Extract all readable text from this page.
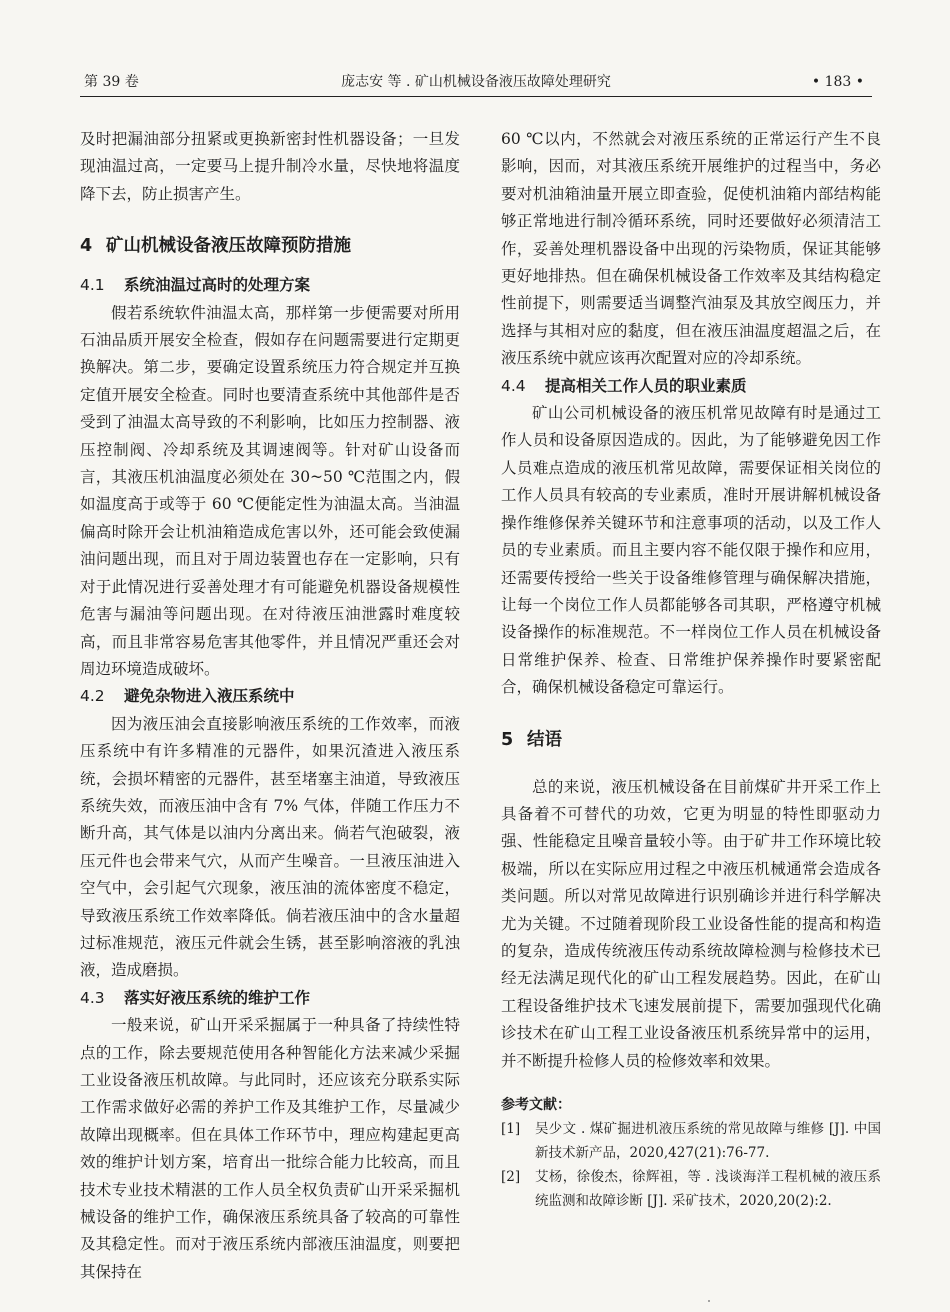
第 39 卷	庞志安 等 . 矿山机械设备液压故障处理研究	• 183 •

及时把漏油部分扭紧或更换新密封性机器设备；一旦发现油温过高，一定要马上提升制冷水量，尽快地将温度降下去，防止损害产生。

4 矿山机械设备液压故障预防措施
4.1 系统油温过高时的处理方案

假若系统软件油温太高，那样第一步便需要对所用石油品质开展安全检查，假如存在问题需要进行定期更换解决。第二步，要确定设置系统压力符合规定并互换定值开展安全检查。同时也要清查系统中其他部件是否受到了油温太高导致的不利影响，比如压力控制器、液压控制阀、冷却系统及其调速阀等。针对矿山设备而言，其液压机油温度必须处在 30~50 ℃范围之内，假如温度高于或等于 60 ℃便能定性为油温太高。当油温偏高时除开会让机油箱造成危害以外，还可能会致使漏油问题出现，而且对于周边装置也存在一定影响，只有对于此情况进行妥善处理才有可能避免机器设备规模性危害与漏油等问题出现。在对待液压油泄露时难度较高，而且非常容易危害其他零件，并且情况严重还会对周边环境造成破坏。

4.2 避免杂物进入液压系统中

因为液压油会直接影响液压系统的工作效率，而液压系统中有许多精准的元器件，如果沉渣进入液压系统，会损坏精密的元器件，甚至堵塞主油道，导致液压系统失效，而液压油中含有 7% 气体，伴随工作压力不断升高，其气体是以油内分离出来。倘若气泡破裂，液压元件也会带来气穴，从而产生噪音。一旦液压油进入空气中，会引起气穴现象，液压油的流体密度不稳定，导致液压系统工作效率降低。倘若液压油中的含水量超过标准规范，液压元件就会生锈，甚至影响溶液的乳浊液，造成磨损。

4.3 落实好液压系统的维护工作

一般来说，矿山开采采掘属于一种具备了持续性特点的工作，除去要规范使用各种智能化方法来减少采掘工业设备液压机故障。与此同时，还应该充分联系实际工作需求做好必需的养护工作及其维护工作，尽量减少故障出现概率。但在具体工作环节中，理应构建起更高效的维护计划方案，培育出一批综合能力比较高，而且技术专业技术精湛的工作人员全权负责矿山开采采掘机械设备的维护工作，确保液压系统具备了较高的可靠性及其稳定性。而对于液压系统内部液压油温度，则要把其保持在

60 ℃以内，不然就会对液压系统的正常运行产生不良影响，因而，对其液压系统开展维护的过程当中，务必要对机油箱油量开展立即查验，促使机油箱内部结构能够正常地进行制冷循环系统，同时还要做好必须清洁工作，妥善处理机器设备中出现的污染物质，保证其能够更好地排热。但在确保机械设备工作效率及其结构稳定性前提下，则需要适当调整汽油泵及其放空阀压力，并选择与其相对应的黏度，但在液压油温度超温之后，在液压系统中就应该再次配置对应的冷却系统。

4.4 提高相关工作人员的职业素质

矿山公司机械设备的液压机常见故障有时是通过工作人员和设备原因造成的。因此，为了能够避免因工作人员难点造成的液压机常见故障，需要保证相关岗位的工作人员具有较高的专业素质，准时开展讲解机械设备操作维修保养关键环节和注意事项的活动，以及工作人员的专业素质。而且主要内容不能仅限于操作和应用，还需要传授给一些关于设备维修管理与确保解决措施，让每一个岗位工作人员都能够各司其职，严格遵守机械设备操作的标准规范。不一样岗位工作人员在机械设备日常维护保养、检查、日常维护保养操作时要紧密配合，确保机械设备稳定可靠运行。

5 结语

总的来说，液压机械设备在目前煤矿井开采工作上具备着不可替代的功效，它更为明显的特性即驱动力强、性能稳定且噪音量较小等。由于矿井工作环境比较极端，所以在实际应用过程之中液压机械通常会造成各类问题。所以对常见故障进行识别确诊并进行科学解决尤为关键。不过随着现阶段工业设备性能的提高和构造的复杂，造成传统液压传动系统故障检测与检修技术已经无法满足现代化的矿山工程发展趋势。因此，在矿山工程设备维护技术飞速发展前提下，需要加强现代化确诊技术在矿山工程工业设备液压机系统异常中的运用，并不断提升检修人员的检修效率和效果。

参考文献：
[1]	吴少文 . 煤矿掘进机液压系统的常见故障与维修 [J]. 中国新技术新产品，2020,427(21):76-77.
[2]	艾杨，徐俊杰，徐辉祖，等 . 浅谈海洋工程机械的液压系统监测和故障诊断 [J]. 采矿技术，2020,20(2):2.
